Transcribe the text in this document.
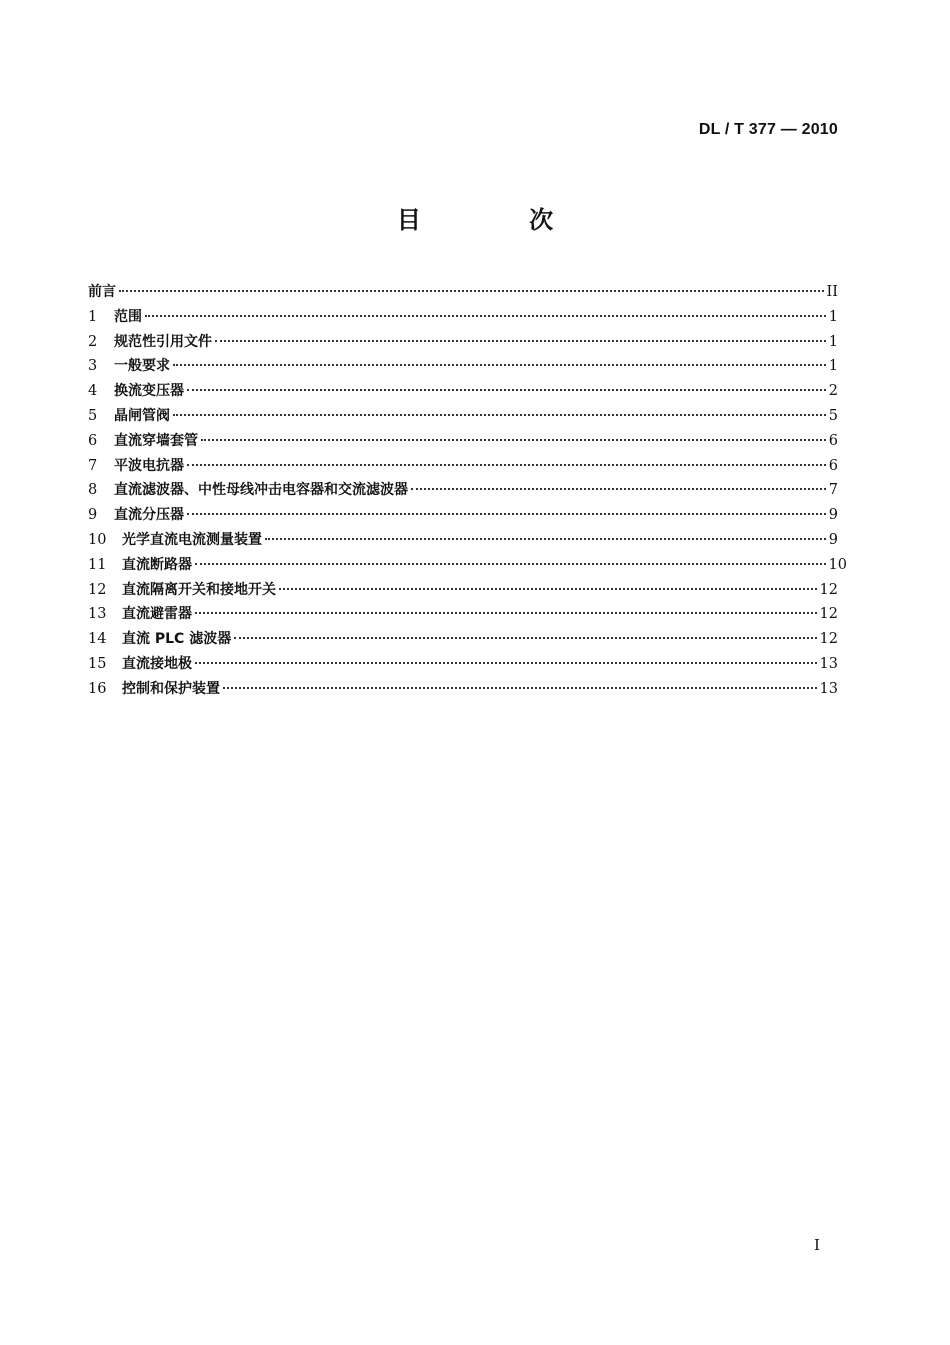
DL / T 377 — 2010
目 次
前言	II
1	范围	1
2	规范性引用文件	1
3	一般要求	1
4	换流变压器	2
5	晶闸管阀	5
6	直流穿墙套管	6
7	平波电抗器	6
8	直流滤波器、中性母线冲击电容器和交流滤波器	7
9	直流分压器	9
10	光学直流电流测量装置	9
11	直流断路器	10
12	直流隔离开关和接地开关	12
13	直流避雷器	12
14	直流 PLC 滤波器	12
15	直流接地极	13
16	控制和保护装置	13
I
